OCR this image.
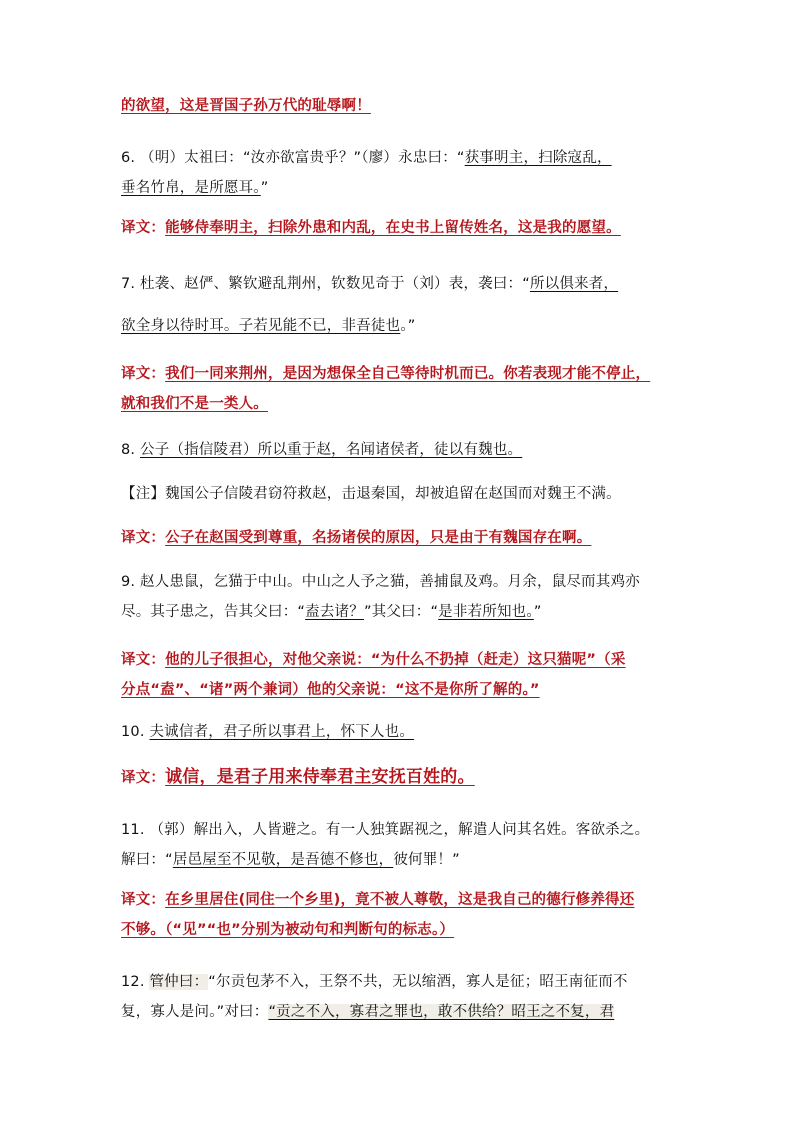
的欲望，这是晋国子孙万代的耻辱啊！
6. （明）太祖曰：“汝亦欲富贵乎？”（廖）永忠曰：“获事明主，扫除寇乱，
垂名竹帛，是所愿耳。”
译文：能够侍奉明主，扫除外患和内乱，在史书上留传姓名，这是我的愿望。
7. 杜袭、赵俨、繁钦避乱荆州，钦数见奇于（刘）表，袭曰：“所以俱来者，
欲全身以待时耳。子若见能不已，非吾徒也。”
译文：我们一同来荆州，是因为想保全自己等待时机而已。你若表现才能不停止，
就和我们不是一类人。
8. 公子（指信陵君）所以重于赵，名闻诸侯者，徒以有魏也。
【注】魏国公子信陵君窃符救赵，击退秦国，却被追留在赵国而对魏王不满。
译文：公子在赵国受到尊重，名扬诸侯的原因，只是由于有魏国存在啊。
9. 赵人患鼠，乞猫于中山。中山之人予之猫，善捕鼠及鸡。月余，鼠尽而其鸡亦
尽。其子患之，告其父曰：“盍去诸？”其父曰：“是非若所知也。”
译文：他的儿子很担心，对他父亲说：“为什么不扔掉（赶走）这只猫呢”（采
分点“盍”、“诸”两个兼词）他的父亲说：“这不是你所了解的。”
10. 夫诚信者，君子所以事君上，怀下人也。
译文：诚信，是君子用来侍奉君主安抚百姓的。
11. （郭）解出入，人皆避之。有一人独箕踞视之，解遣人问其名姓。客欲杀之。
解曰：“居邑屋至不见敬，是吾德不修也，彼何罪！”
译文：在乡里居住(同住一个乡里)，竟不被人尊敬，这是我自己的德行修养得还
不够。（“见”“也”分别为被动句和判断句的标志。）
12. 管仲曰：“尔贡包茅不入，王祭不共，无以缩酒，寡人是征；昭王南征而不
复，寡人是问。”对曰：“贡之不入，寡君之罪也，敢不供给？昭王之不复，君
